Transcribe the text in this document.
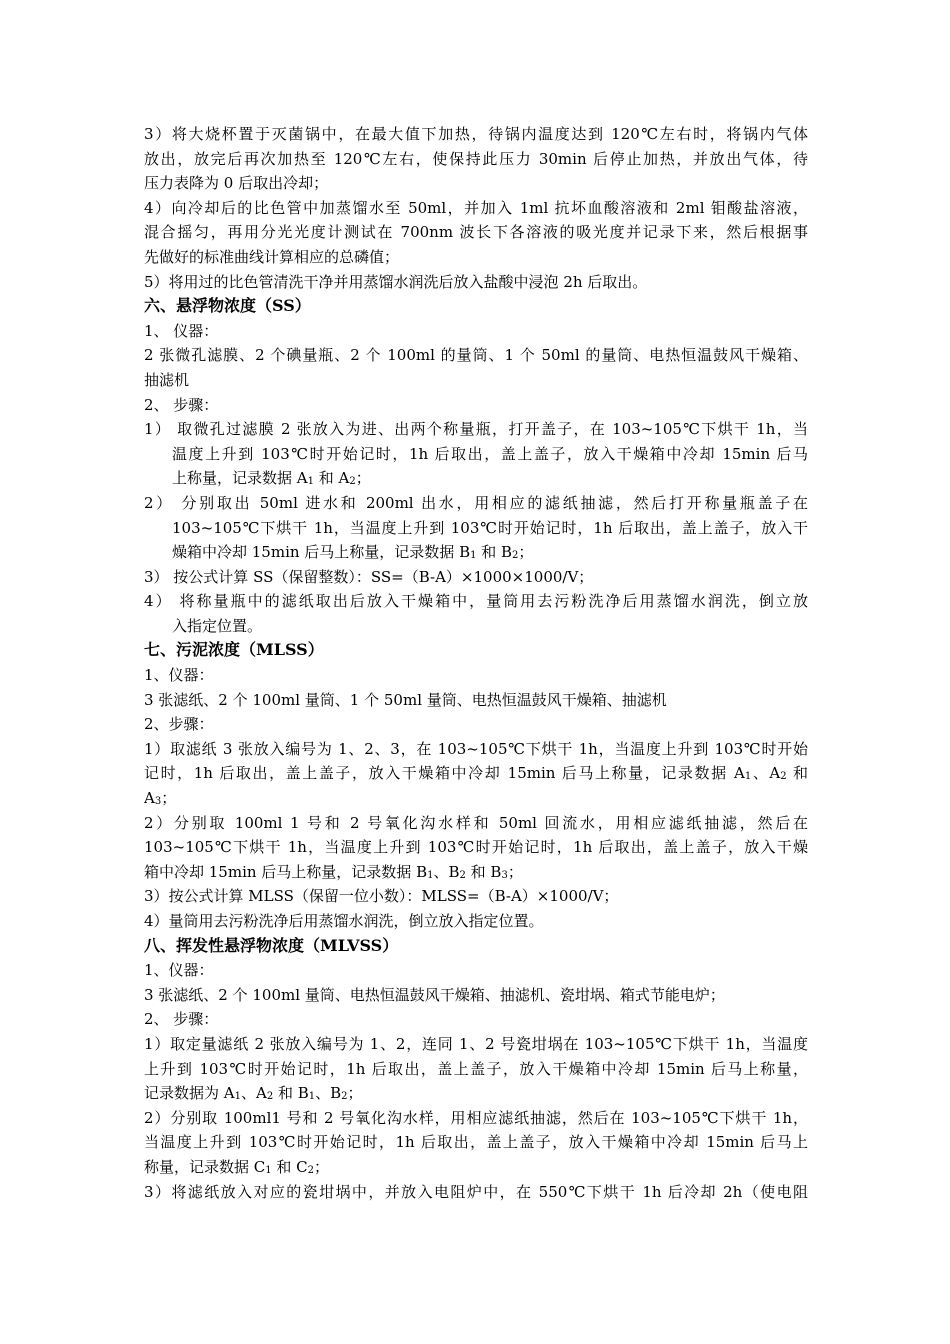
3）将大烧杯置于灭菌锅中，在最大值下加热，待锅内温度达到 120℃左右时，将锅内气体
放出，放完后再次加热至 120℃左右，使保持此压力 30min 后停止加热，并放出气体，待
压力表降为 0 后取出冷却；
4）向冷却后的比色管中加蒸馏水至 50ml，并加入 1ml 抗坏血酸溶液和 2ml 钼酸盐溶液，
混合摇匀，再用分光光度计测试在 700nm 波长下各溶液的吸光度并记录下来，然后根据事
先做好的标准曲线计算相应的总磷值；
5）将用过的比色管清洗干净并用蒸馏水润洗后放入盐酸中浸泡 2h 后取出。
六、悬浮物浓度（SS）
1、 仪器：
2 张微孔滤膜、2 个碘量瓶、2 个 100ml 的量筒、1 个 50ml 的量筒、电热恒温鼓风干燥箱、
抽滤机
2、 步骤：
1） 取微孔过滤膜 2 张放入为进、出两个称量瓶，打开盖子，在 103~105℃下烘干 1h，当
温度上升到 103℃时开始记时，1h 后取出，盖上盖子，放入干燥箱中冷却 15min 后马
上称量，记录数据 $A_1$ 和 $A_2$；
2） 分别取出 50ml 进水和 200ml 出水，用相应的滤纸抽滤，然后打开称量瓶盖子在
103~105℃下烘干 1h，当温度上升到 103℃时开始记时，1h 后取出，盖上盖子，放入干
燥箱中冷却 15min 后马上称量，记录数据 $B_1$ 和 $B_2$；
3） 按公式计算 SS（保留整数）：SS=（B-A）×1000×1000/V；
4） 将称量瓶中的滤纸取出后放入干燥箱中，量筒用去污粉洗净后用蒸馏水润洗，倒立放
入指定位置。
七、污泥浓度（MLSS）
1、仪器：
3 张滤纸、2 个 100ml 量筒、1 个 50ml 量筒、电热恒温鼓风干燥箱、抽滤机
2、步骤：
1）取滤纸 3 张放入编号为 1、2、3，在 103~105℃下烘干 1h，当温度上升到 103℃时开始
记时，1h 后取出，盖上盖子，放入干燥箱中冷却 15min 后马上称量，记录数据 $A_1$、$A_2$ 和
$A_3$；
2）分别取 100ml 1 号和 2 号氧化沟水样和 50ml 回流水，用相应滤纸抽滤，然后在
103~105℃下烘干 1h，当温度上升到 103℃时开始记时，1h 后取出，盖上盖子，放入干燥
箱中冷却 15min 后马上称量，记录数据 $B_1$、$B_2$ 和 $B_3$；
3）按公式计算 MLSS（保留一位小数）：MLSS=（B-A）×1000/V；
4）量筒用去污粉洗净后用蒸馏水润洗，倒立放入指定位置。
八、挥发性悬浮物浓度（MLVSS）
1、仪器：
3 张滤纸、2 个 100ml 量筒、电热恒温鼓风干燥箱、抽滤机、瓷坩埚、箱式节能电炉；
2、 步骤：
1）取定量滤纸 2 张放入编号为 1、2，连同 1、2 号瓷坩埚在 103~105℃下烘干 1h，当温度
上升到 103℃时开始记时，1h 后取出，盖上盖子，放入干燥箱中冷却 15min 后马上称量，
记录数据为 $A_1$、$A_2$ 和 $B_1$、$B_2$；
2）分别取 100ml1 号和 2 号氧化沟水样，用相应滤纸抽滤，然后在 103~105℃下烘干 1h，
当温度上升到 103℃时开始记时，1h 后取出，盖上盖子，放入干燥箱中冷却 15min 后马上
称量，记录数据 $C_1$ 和 $C_2$；
3）将滤纸放入对应的瓷坩埚中，并放入电阻炉中，在 550℃下烘干 1h 后冷却 2h（使电阻
